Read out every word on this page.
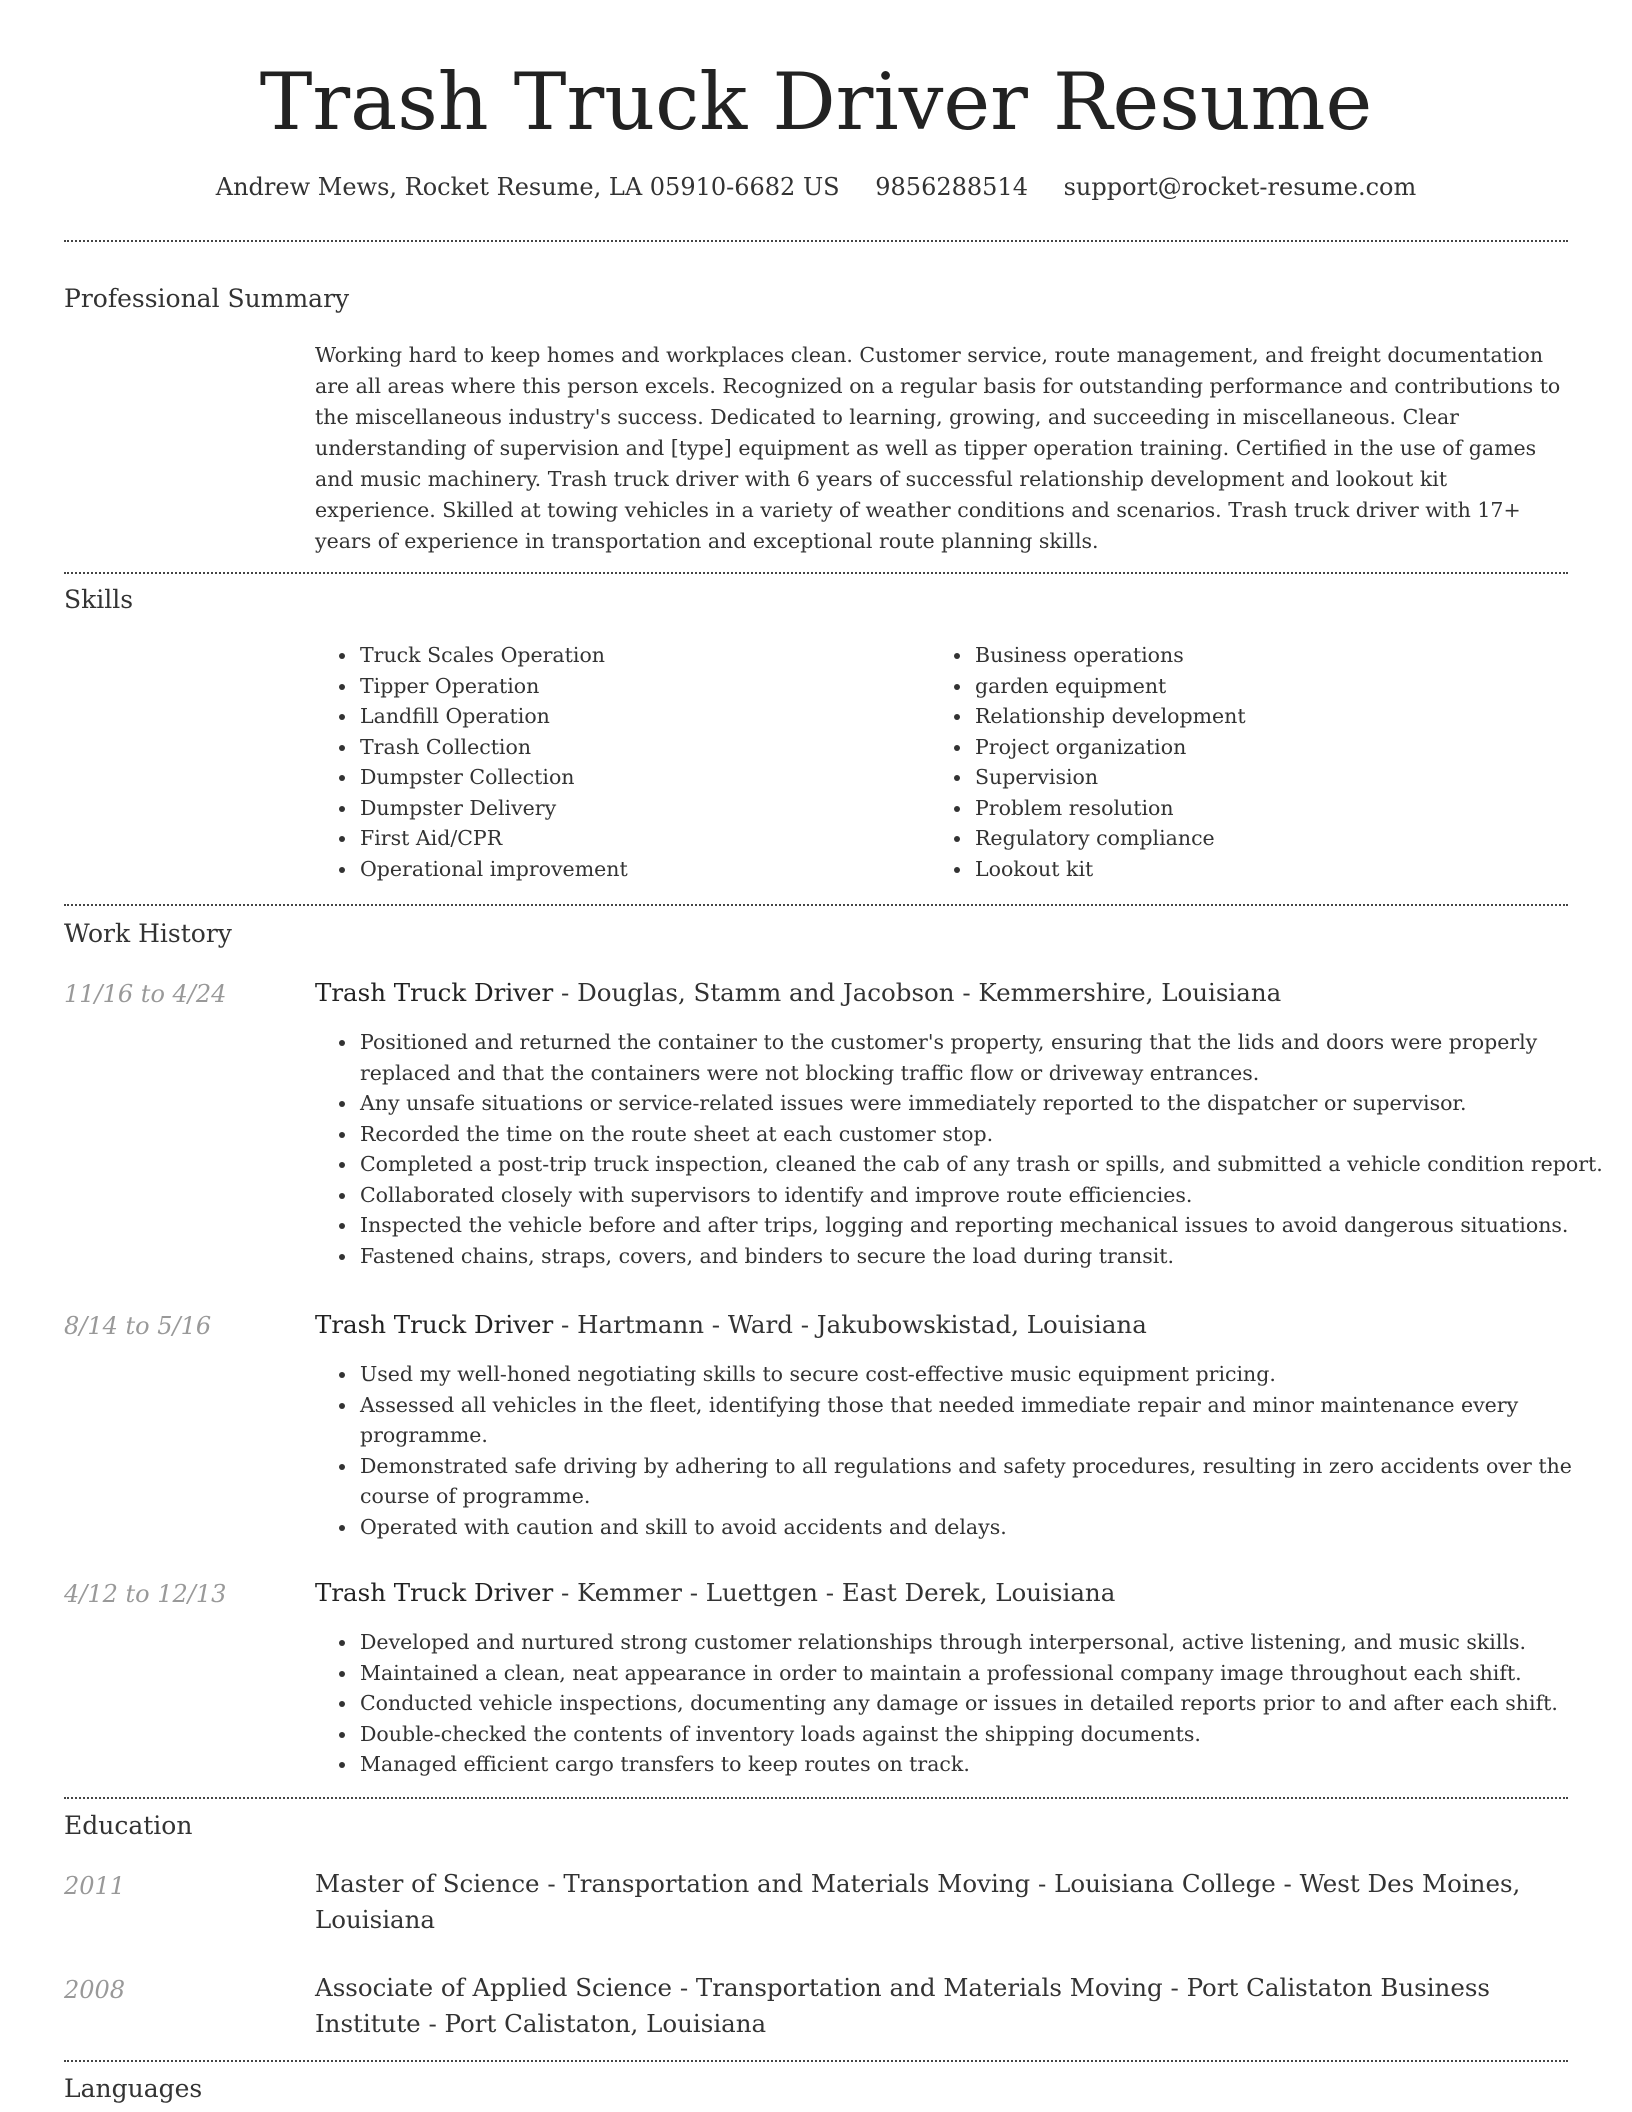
Trash Truck Driver Resume
Andrew Mews, Rocket Resume, LA 05910-6682 US 9856288514 support@rocket-resume.com
Professional Summary
Working hard to keep homes and workplaces clean. Customer service, route management, and freight documentation are all areas where this person excels. Recognized on a regular basis for outstanding performance and contributions to the miscellaneous industry's success. Dedicated to learning, growing, and succeeding in miscellaneous. Clear understanding of supervision and [type] equipment as well as tipper operation training. Certified in the use of games and music machinery. Trash truck driver with 6 years of successful relationship development and lookout kit experience. Skilled at towing vehicles in a variety of weather conditions and scenarios. Trash truck driver with 17+ years of experience in transportation and exceptional route planning skills.
Skills
• Truck Scales Operation
• Tipper Operation
• Landfill Operation
• Trash Collection
• Dumpster Collection
• Dumpster Delivery
• First Aid/CPR
• Operational improvement
• Business operations
• garden equipment
• Relationship development
• Project organization
• Supervision
• Problem resolution
• Regulatory compliance
• Lookout kit
Work History
11/16 to 4/24	Trash Truck Driver - Douglas, Stamm and Jacobson - Kemmershire, Louisiana
• Positioned and returned the container to the customer's property, ensuring that the lids and doors were properly replaced and that the containers were not blocking traffic flow or driveway entrances.
• Any unsafe situations or service-related issues were immediately reported to the dispatcher or supervisor.
• Recorded the time on the route sheet at each customer stop.
• Completed a post-trip truck inspection, cleaned the cab of any trash or spills, and submitted a vehicle condition report.
• Collaborated closely with supervisors to identify and improve route efficiencies.
• Inspected the vehicle before and after trips, logging and reporting mechanical issues to avoid dangerous situations.
• Fastened chains, straps, covers, and binders to secure the load during transit.
8/14 to 5/16	Trash Truck Driver - Hartmann - Ward - Jakubowskistad, Louisiana
• Used my well-honed negotiating skills to secure cost-effective music equipment pricing.
• Assessed all vehicles in the fleet, identifying those that needed immediate repair and minor maintenance every programme.
• Demonstrated safe driving by adhering to all regulations and safety procedures, resulting in zero accidents over the course of programme.
• Operated with caution and skill to avoid accidents and delays.
4/12 to 12/13	Trash Truck Driver - Kemmer - Luettgen - East Derek, Louisiana
• Developed and nurtured strong customer relationships through interpersonal, active listening, and music skills.
• Maintained a clean, neat appearance in order to maintain a professional company image throughout each shift.
• Conducted vehicle inspections, documenting any damage or issues in detailed reports prior to and after each shift.
• Double-checked the contents of inventory loads against the shipping documents.
• Managed efficient cargo transfers to keep routes on track.
Education
2011	Master of Science - Transportation and Materials Moving - Louisiana College - West Des Moines, Louisiana
2008	Associate of Applied Science - Transportation and Materials Moving - Port Calistaton Business Institute - Port Calistaton, Louisiana
Languages
